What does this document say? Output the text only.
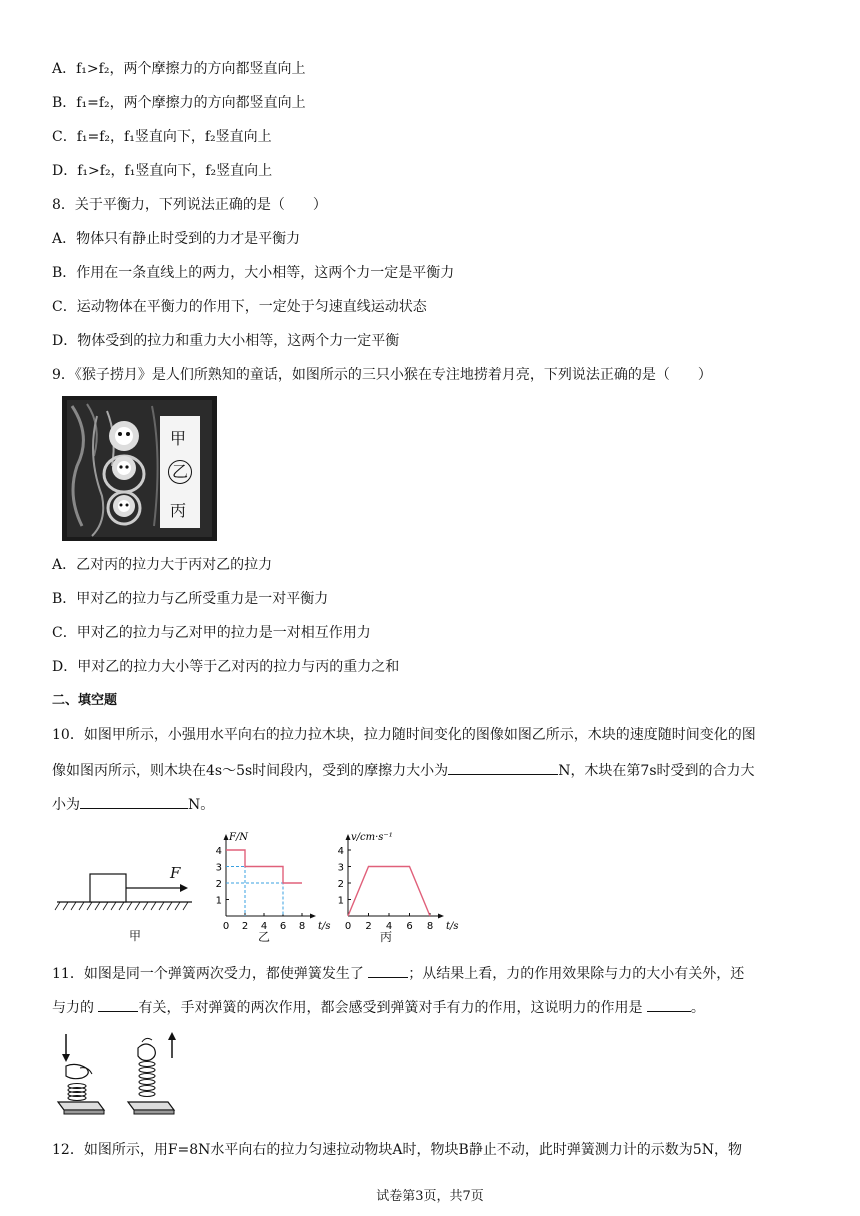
A．f₁>f₂，两个摩擦力的方向都竖直向上
B．f₁=f₂，两个摩擦力的方向都竖直向上
C．f₁=f₂，f₁竖直向下，f₂竖直向上
D．f₁>f₂，f₁竖直向下，f₂竖直向上
8．关于平衡力，下列说法正确的是（　　）
A．物体只有静止时受到的力才是平衡力
B．作用在一条直线上的两力，大小相等，这两个力一定是平衡力
C．运动物体在平衡力的作用下，一定处于匀速直线运动状态
D．物体受到的拉力和重力大小相等，这两个力一定平衡
9．《猴子捞月》是人们所熟知的童话，如图所示的三只小猴在专注地捞着月亮，下列说法正确的是（　　）
甲
乙
丙
A．乙对丙的拉力大于丙对乙的拉力
B．甲对乙的拉力与乙所受重力是一对平衡力
C．甲对乙的拉力与乙对甲的拉力是一对相互作用力
D．甲对乙的拉力大小等于乙对丙的拉力与丙的重力之和
二、填空题
10．如图甲所示，小强用水平向右的拉力拉木块，拉力随时间变化的图像如图乙所示，木块的速度随时间变化的图
像如图丙所示，则木块在4s～5s时间段内，受到的摩擦力大小为	N，木块在第7s时受到的合力大
小为	N。
F
甲
1
2
3
4
0 2 4 6 8 t/s
F/N
乙
1
2
3
4
0 2 4 6 8 t/s
v/cm·s⁻¹
丙
11．如图是同一个弹簧两次受力，都使弹簧发生了	；从结果上看，力的作用效果除与力的大小有关外，还
与力的	有关，手对弹簧的两次作用，都会感受到弹簧对手有力的作用，这说明力的作用是	。
12．如图所示，用F=8N水平向右的拉力匀速拉动物块A时，物块B静止不动，此时弹簧测力计的示数为5N，物
试卷第3页，共7页
